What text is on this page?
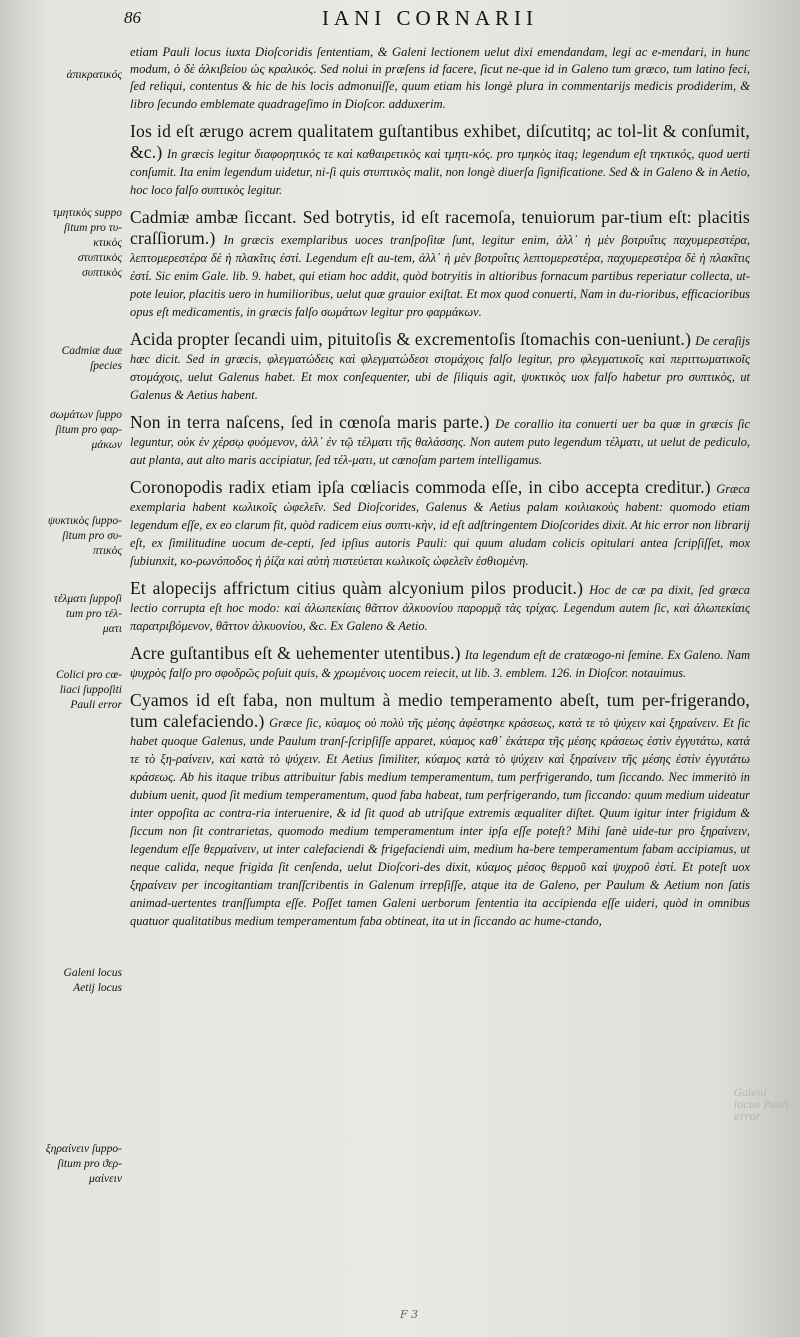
86	IANI CORNARII
ἀπικρατικός
τμητικὸς suppo
ſitum pro τυ-
κτικὸς
στυπτικὸς
συπτικὸς
Cadmiæ duæ
ſpecies
σωμάτων ſuppo
ſitum pro φαρ-
μάκων
ψυκτικὸς ſuppo-
ſitum pro συ-
πτικὸς
τέλματι ſuppoſi
tum pro τέλ-
ματι
Colici pro cœ-
liaci ſuppoſiti
Pauli error
Galeni locus
Aetij locus
ξηραίνειν ſuppo-
ſitum pro ϑερ-
μαίνειν
etiam Pauli locus iuxta Dioſcoridis ſententiam, & Galeni lectionem uelut dixi emendandam, legi ac e-mendari, in hunc modum, ὁ δὲ ἀλκιβείου ὡς κραλικός. Sed nolui in præſens id facere, ſicut ne-que id in Galeno tum græco, tum latino feci, ſed reliqui, contentus & hic de his locis admonuiſſe, quum etiam his longè plura in commentarijs medicis prodiderim, & libro ſecundo emblemate quadrageſimo in Dioſcor. adduxerim.
Ios id eſt ærugo acrem qualitatem guſtantibus exhibet, diſcutitq; ac tol-lit & conſumit, &c.) In græcis legitur διαφορητικός τε καὶ καθαιρετικὸς καὶ τμητι-κός. pro τμηκὸς itaq; legendum eſt τηκτικός, quod uerti conſumit. Ita enim legendum uidetur, ni-ſi quis στυπτικὸς malit, non longè diuerſa ſignificatione. Sed & in Galeno & in Aetio, hoc loco falſo συπτικὸς legitur.
Cadmiæ ambæ ſiccant. Sed botrytis, id eſt racemoſa, tenuiorum par-tium eſt: placitis craſſiorum.) In græcis exemplaribus uoces tranſpoſitæ ſunt, legitur enim, ἀλλ᾽ ἡ μὲν βοτρυΐτις παχυμερεστέρα, λεπτομερεστέρα δὲ ἡ πλακῖτις ἐστί. Legendum eſt au-tem, ἀλλ᾽ ἡ μὲν βοτρυΐτις λεπτομερεστέρα, παχυμερεστέρα δὲ ἡ πλακῖτις ἐστί. Sic enim Gale. lib. 9. habet, qui etiam hoc addit, quòd botryitis in altioribus fornacum partibus reperiatur collecta, ut-pote leuior, placitis uero in humilioribus, uelut quæ grauior exiſtat. Et mox quod conuerti, Nam in du-rioribus, efficacioribus opus eſt medicamentis, in græcis falſo σωμάτων legitur pro φαρμάκων.
Acida propter ſecandi uim, pituitoſis & excrementoſis ſtomachis con-ueniunt.) De ceraſijs hæc dicit. Sed in græcis, φλεγματώδεις καὶ φλεγματώδεσι στομάχοις falſo legitur, pro φλεγματικοῖς καὶ περιττωματικοῖς στομάχοις, uelut Galenus habet. Et mox conſequenter, ubi de ſiliquis agit, ψυκτικὸς uox falſo habetur pro συπτικὸς, ut Galenus & Aetius habent.
Non in terra naſcens, ſed in cœnoſa maris parte.) De corallio ita conuerti uer ba quæ in græcis ſic leguntur, οὐκ ἐν χέρσῳ φυόμενον, ἀλλ᾽ ἐν τῷ τέλματι τῆς θαλάσσης. Non autem puto legendum τέλματι, ut uelut de pediculo, aut planta, aut alto maris accipiatur, ſed τέλ-ματι, ut cœnoſam partem intelligamus.
Coronopodis radix etiam ipſa cœliacis commoda eſſe, in cibo accepta creditur.) Græca exemplaria habent κωλικοῖς ὠφελεῖν. Sed Dioſcorides, Galenus & Aetius palam κοιλιακοὺς habent: quomodo etiam legendum eſſe, ex eo clarum fit, quòd radicem eius συπτι-κὴν, id eſt adſtringentem Dioſcorides dixit. At hic error non librarij eſt, ex ſimilitudine uocum de-cepti, ſed ipſius autoris Pauli: qui quum aludam colicis opitulari antea ſcripſiſſet, mox ſubiunxit, κο-ρωνόποδος ἡ ῥίζα καὶ αὐτὴ πιστεύεται κωλικοῖς ὠφελεῖν ἐσθιομένη.
Et alopecijs affrictum citius quàm alcyonium pilos producit.) Hoc de cæ pa dixit, ſed græca lectio corrupta eſt hoc modo: καὶ ἀλωπεκίαις θᾶττον ἀλκυονίου παρορμᾷ τὰς τρίχας. Legendum autem ſic, καὶ ἀλωπεκίαις παρατριβόμενον, θᾶττον ἀλκυονίου, &c. Ex Galeno & Aetio.
Acre guſtantibus eſt & uehementer utentibus.) Ita legendum eſt de cratæogo-ni ſemine. Ex Galeno. Nam ψυχρὸς falſo pro σφοδρῶς poſuit quis, & χρωμένοις uocem reiecit, ut lib. 3. emblem. 126. in Dioſcor. notauimus.
Cyamos id eſt faba, non multum à medio temperamento abeſt, tum per-frigerando, tum calefaciendo.) Græce ſic, κύαμος οὐ πολὺ τῆς μέσης ἀφέστηκε κράσεως, κατά τε τὸ ψύχειν καὶ ξηραίνειν. Et ſic habet quoque Galenus, unde Paulum tranſ-ſcripſiſſe apparet, κύαμος καθ᾽ ἑκάτερα τῆς μέσης κράσεως ἐστὶν ἐγγυτάτω, κατά τε τὸ ξη-ραίνειν, καὶ κατὰ τὸ ψύχειν. Et Aetius ſimiliter, κύαμος κατὰ τὸ ψύχειν καὶ ξηραίνειν τῆς μέσης ἐστὶν ἐγγυτάτω κράσεως. Ab his itaque tribus attribuitur fabis medium temperamentum, tum perfrigerando, tum ſiccando. Nec immeritò in dubium uenit, quod ſit medium temperamentum, quod faba habeat, tum perfrigerando, tum ſiccando: quum medium uideatur inter oppoſita ac contra-ria interuenire, & id ſit quod ab utriſque extremis æqualiter diſtet. Quum igitur inter frigidum & ſiccum non ſit contrarietas, quomodo medium temperamentum inter ipſa eſſe poteſt? Mihi ſanè uide-tur pro ξηραίνειν, legendum eſſe θερμαίνειν, ut inter calefaciendi & frigefaciendi uim, medium ha-bere temperamentum fabam accipiamus, ut neque calida, neque frigida ſit cenſenda, uelut Dioſcori-des dixit, κύαμος μέσος θερμοῦ καὶ ψυχροῦ ἐστί. Et poteſt uox ξηραίνειν per incogitantiam tranſſcribentis in Galenum irrepſiſſe, atque ita de Galeno, per Paulum & Aetium non ſatis animad-uertentes tranſſumpta eſſe. Poſſet tamen Galeni uerborum ſententia ita accipienda eſſe uideri, quòd in omnibus quatuor qualitatibus medium temperamentum faba obtineat, ita ut in ſiccando ac hume-ctando,
Galeni locus Pauli error
F 3
